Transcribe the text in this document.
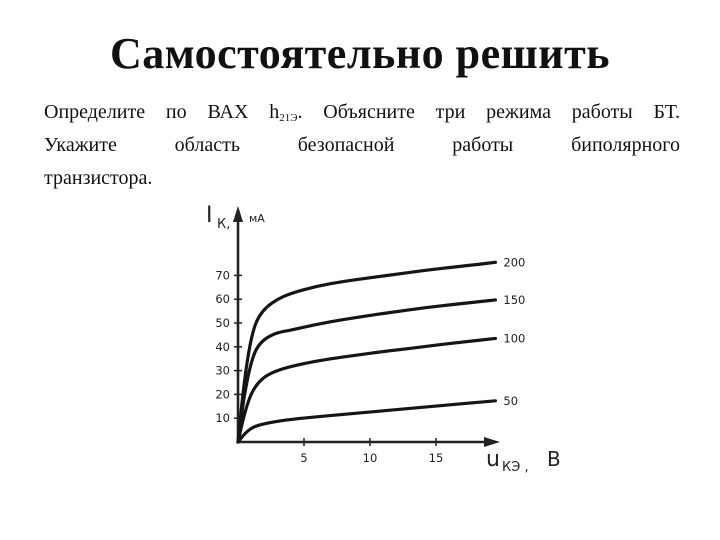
Самостоятельно решить
Определите по ВАХ $h_{21Э}$. Объясните три режима работы БТ.
Укажите область безопасной работы биполярного
транзистора.
10
20
30
40
50
60
70
5	10	15
200
150
100
50
I К, мА
u КЭ , В
